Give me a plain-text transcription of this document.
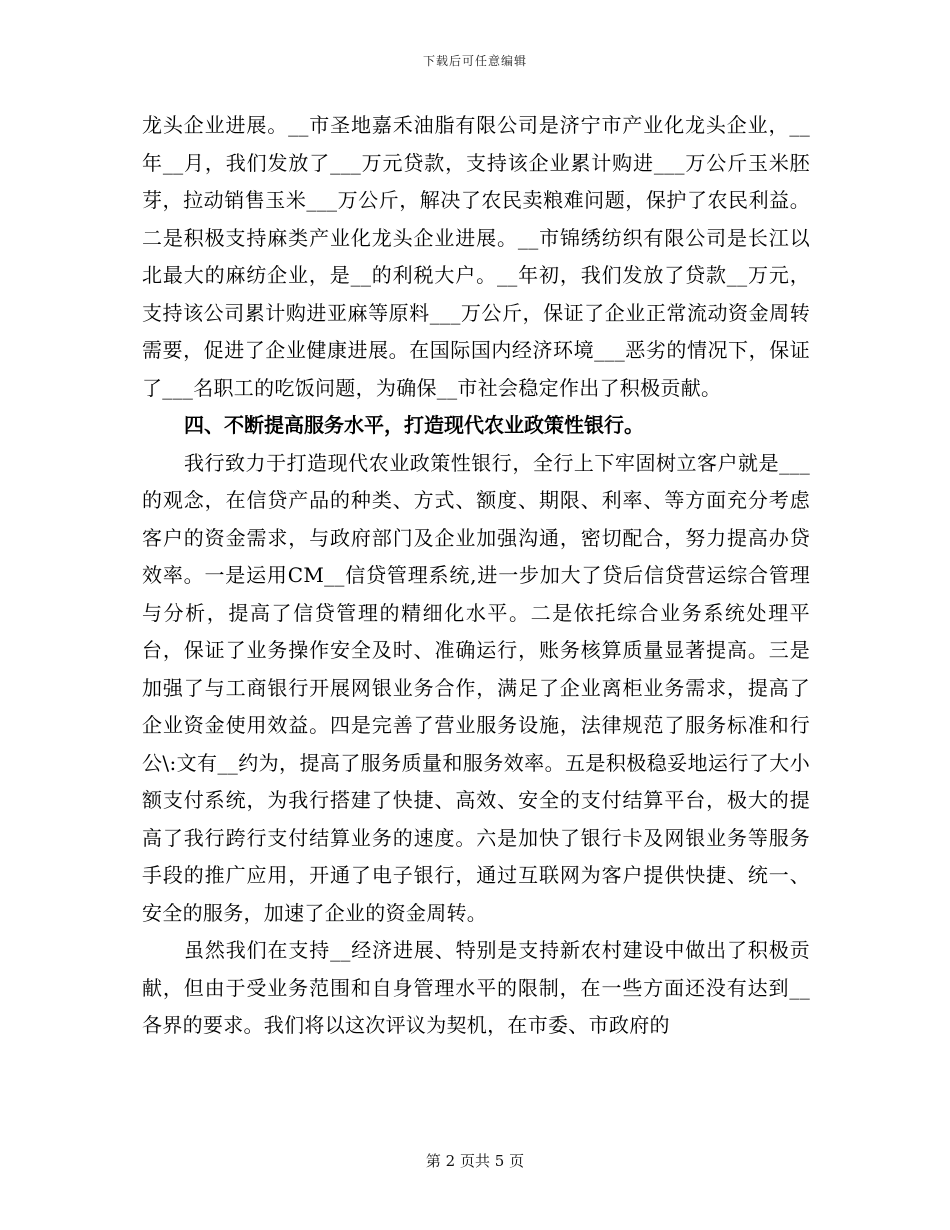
下载后可任意编辑

龙头企业进展。__市圣地嘉禾油脂有限公司是济宁市产业化龙头企业，__年__月，我们发放了___万元贷款，支持该企业累计购进___万公斤玉米胚芽，拉动销售玉米___万公斤，解决了农民卖粮难问题，保护了农民利益。二是积极支持麻类产业化龙头企业进展。__市锦绣纺织有限公司是长江以北最大的麻纺企业，是__的利税大户。__年初，我们发放了贷款__万元，支持该公司累计购进亚麻等原料___万公斤，保证了企业正常流动资金周转需要，促进了企业健康进展。在国际国内经济环境___恶劣的情况下，保证了___名职工的吃饭问题，为确保__市社会稳定作出了积极贡献。

四、不断提高服务水平，打造现代农业政策性银行。

我行致力于打造现代农业政策性银行，全行上下牢固树立客户就是___的观念，在信贷产品的种类、方式、额度、期限、利率、等方面充分考虑客户的资金需求，与政府部门及企业加强沟通，密切配合，努力提高办贷效率。一是运用CM__信贷管理系统,进一步加大了贷后信贷营运综合管理与分析，提高了信贷管理的精细化水平。二是依托综合业务系统处理平台，保证了业务操作安全及时、准确运行，账务核算质量显著提高。三是加强了与工商银行开展网银业务合作，满足了企业离柜业务需求，提高了企业资金使用效益。四是完善了营业服务设施，法律规范了服务标准和行公\:文有__约为，提高了服务质量和服务效率。五是积极稳妥地运行了大小额支付系统，为我行搭建了快捷、高效、安全的支付结算平台，极大的提高了我行跨行支付结算业务的速度。六是加快了银行卡及网银业务等服务手段的推广应用，开通了电子银行，通过互联网为客户提供快捷、统一、安全的服务，加速了企业的资金周转。

虽然我们在支持__经济进展、特别是支持新农村建设中做出了积极贡献，但由于受业务范围和自身管理水平的限制，在一些方面还没有达到__各界的要求。我们将以这次评议为契机，在市委、市政府的

第 2 页共 5 页
